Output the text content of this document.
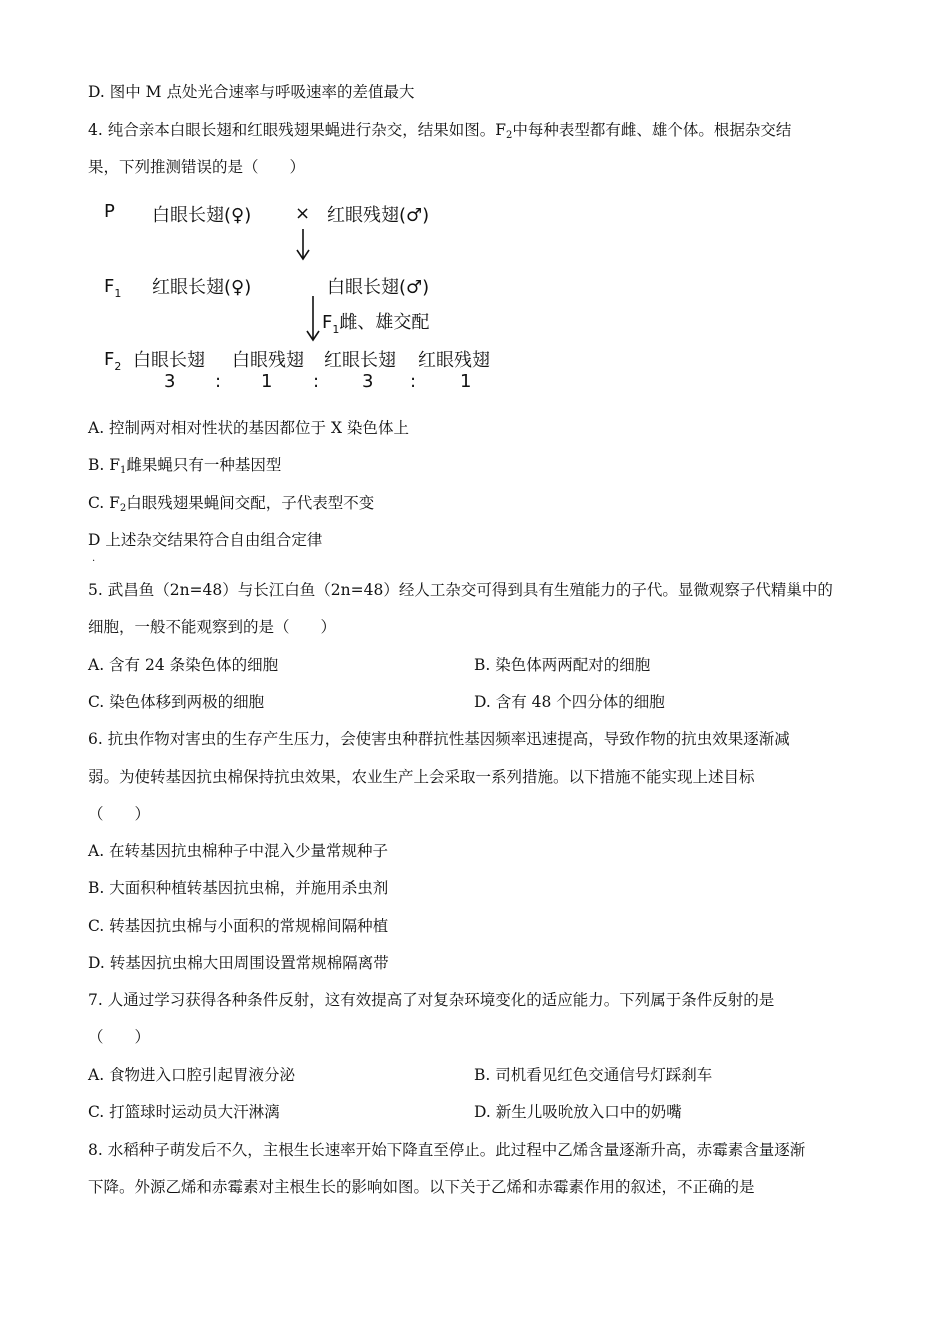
D. 图中 M 点处光合速率与呼吸速率的差值最大
4. 纯合亲本白眼长翅和红眼残翅果蝇进行杂交，结果如图。$F_2$中每种表型都有雌、雄个体。根据杂交结
果，下列推测错误的是（　　）
P 白眼长翅(♀) × 红眼残翅(♂)
$F_1$ 红眼长翅(♀)	白眼长翅(♂)
$F_1$雌、雄交配
$F_2$ 白眼长翅 白眼残翅 红眼长翅 红眼残翅
3 : 1 : 3 : 1
A. 控制两对相对性状的基因都位于 X 染色体上
B. $F_1$雌果蝇只有一种基因型
C. $F_2$白眼残翅果蝇间交配，子代表型不变
D 上述杂交结果符合自由组合定律
.
5. 武昌鱼（2n=48）与长江白鱼（2n=48）经人工杂交可得到具有生殖能力的子代。显微观察子代精巢中的
细胞，一般不能观察到的是（　　）
A. 含有 24 条染色体的细胞	B. 染色体两两配对的细胞
C. 染色体移到两极的细胞	D. 含有 48 个四分体的细胞
6. 抗虫作物对害虫的生存产生压力，会使害虫种群抗性基因频率迅速提高，导致作物的抗虫效果逐渐减
弱。为使转基因抗虫棉保持抗虫效果，农业生产上会采取一系列措施。以下措施不能实现上述目标
（　　）
A. 在转基因抗虫棉种子中混入少量常规种子
B. 大面积种植转基因抗虫棉，并施用杀虫剂
C. 转基因抗虫棉与小面积的常规棉间隔种植
D. 转基因抗虫棉大田周围设置常规棉隔离带
7. 人通过学习获得各种条件反射，这有效提高了对复杂环境变化的适应能力。下列属于条件反射的是
（　　）
A. 食物进入口腔引起胃液分泌	B. 司机看见红色交通信号灯踩刹车
C. 打篮球时运动员大汗淋漓	D. 新生儿吸吮放入口中的奶嘴
8. 水稻种子萌发后不久，主根生长速率开始下降直至停止。此过程中乙烯含量逐渐升高，赤霉素含量逐渐
下降。外源乙烯和赤霉素对主根生长的影响如图。以下关于乙烯和赤霉素作用的叙述，不正确的是
